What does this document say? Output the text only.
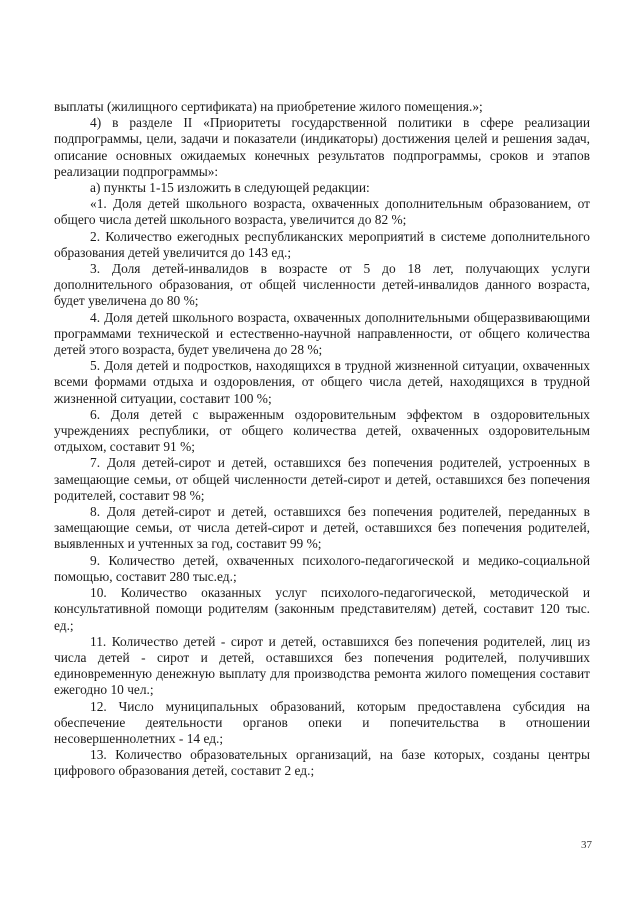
выплаты (жилищного сертификата) на приобретение жилого помещения.»;

4) в разделе II «Приоритеты государственной политики в сфере реализации подпрограммы, цели, задачи и показатели (индикаторы) достижения целей и решения задач, описание основных ожидаемых конечных результатов подпрограммы, сроков и этапов реализации подпрограммы»:

а) пункты 1-15 изложить в следующей редакции:

«1. Доля детей школьного возраста, охваченных дополнительным образованием, от общего числа детей школьного возраста, увеличится до 82 %;

2. Количество ежегодных республиканских мероприятий в системе дополнительного образования детей увеличится до 143 ед.;

3. Доля детей-инвалидов в возрасте от 5 до 18 лет, получающих услуги дополнительного образования, от общей численности детей-инвалидов данного возраста, будет увеличена до 80 %;

4. Доля детей школьного возраста, охваченных дополнительными общеразвивающими программами технической и естественно-научной направленности, от общего количества детей этого возраста, будет увеличена до 28 %;

5. Доля детей и подростков, находящихся в трудной жизненной ситуации, охваченных всеми формами отдыха и оздоровления, от общего числа детей, находящихся в трудной жизненной ситуации, составит 100 %;

6. Доля детей с выраженным оздоровительным эффектом в оздоровительных учреждениях республики, от общего количества детей, охваченных оздоровительным отдыхом, составит 91 %;

7. Доля детей-сирот и детей, оставшихся без попечения родителей, устроенных в замещающие семьи, от общей численности детей-сирот и детей, оставшихся без попечения родителей, составит 98 %;

8. Доля детей-сирот и детей, оставшихся без попечения родителей, переданных в замещающие семьи, от числа детей-сирот и детей, оставшихся без попечения родителей, выявленных и учтенных за год, составит 99 %;

9. Количество детей, охваченных психолого-педагогической и медико-социальной помощью, составит 280 тыс.ед.;

10. Количество оказанных услуг психолого-педагогической, методической и консультативной помощи родителям (законным представителям) детей, составит 120 тыс. ед.;

11. Количество детей - сирот и детей, оставшихся без попечения родителей, лиц из числа детей - сирот и детей, оставшихся без попечения родителей, получивших единовременную денежную выплату для производства ремонта жилого помещения составит ежегодно 10 чел.;

12. Число муниципальных образований, которым предоставлена субсидия на обеспечение деятельности органов опеки и попечительства в отношении несовершеннолетних - 14 ед.;

13. Количество образовательных организаций, на базе которых, созданы центры цифрового образования детей, составит 2 ед.;

37
